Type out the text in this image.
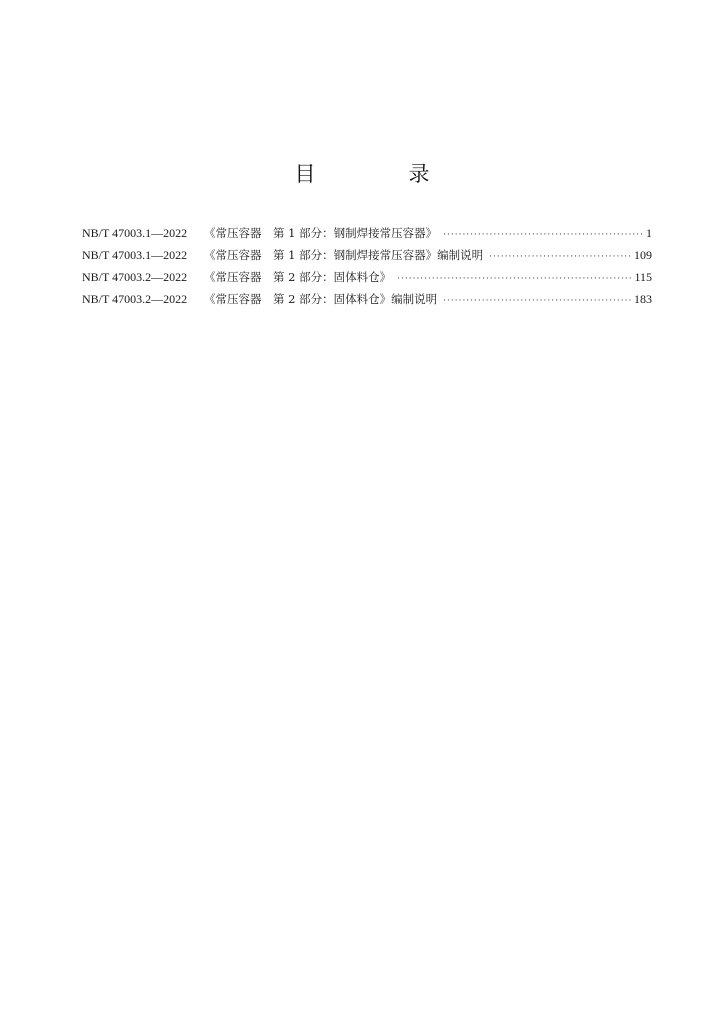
目　录
NB/T 47003.1—2022	《常压容器　第 1 部分：钢制焊接常压容器》 ·····	1
NB/T 47003.1—2022	《常压容器　第 1 部分：钢制焊接常压容器》编制说明 ·····	109
NB/T 47003.2—2022	《常压容器　第 2 部分：固体料仓》 ·····	115
NB/T 47003.2—2022	《常压容器　第 2 部分：固体料仓》编制说明 ·····	183
